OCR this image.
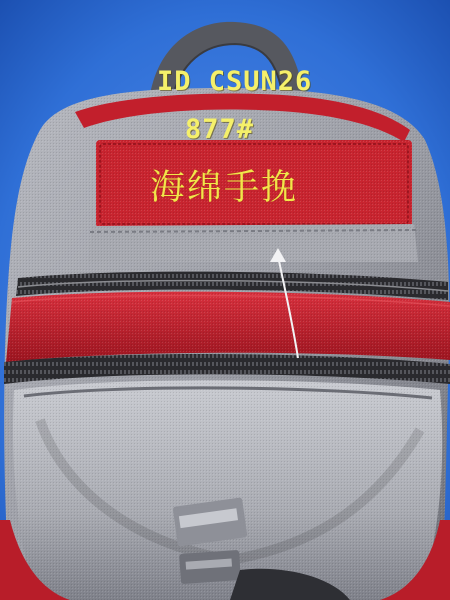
ID CSUN26
877#
海绵手挽
